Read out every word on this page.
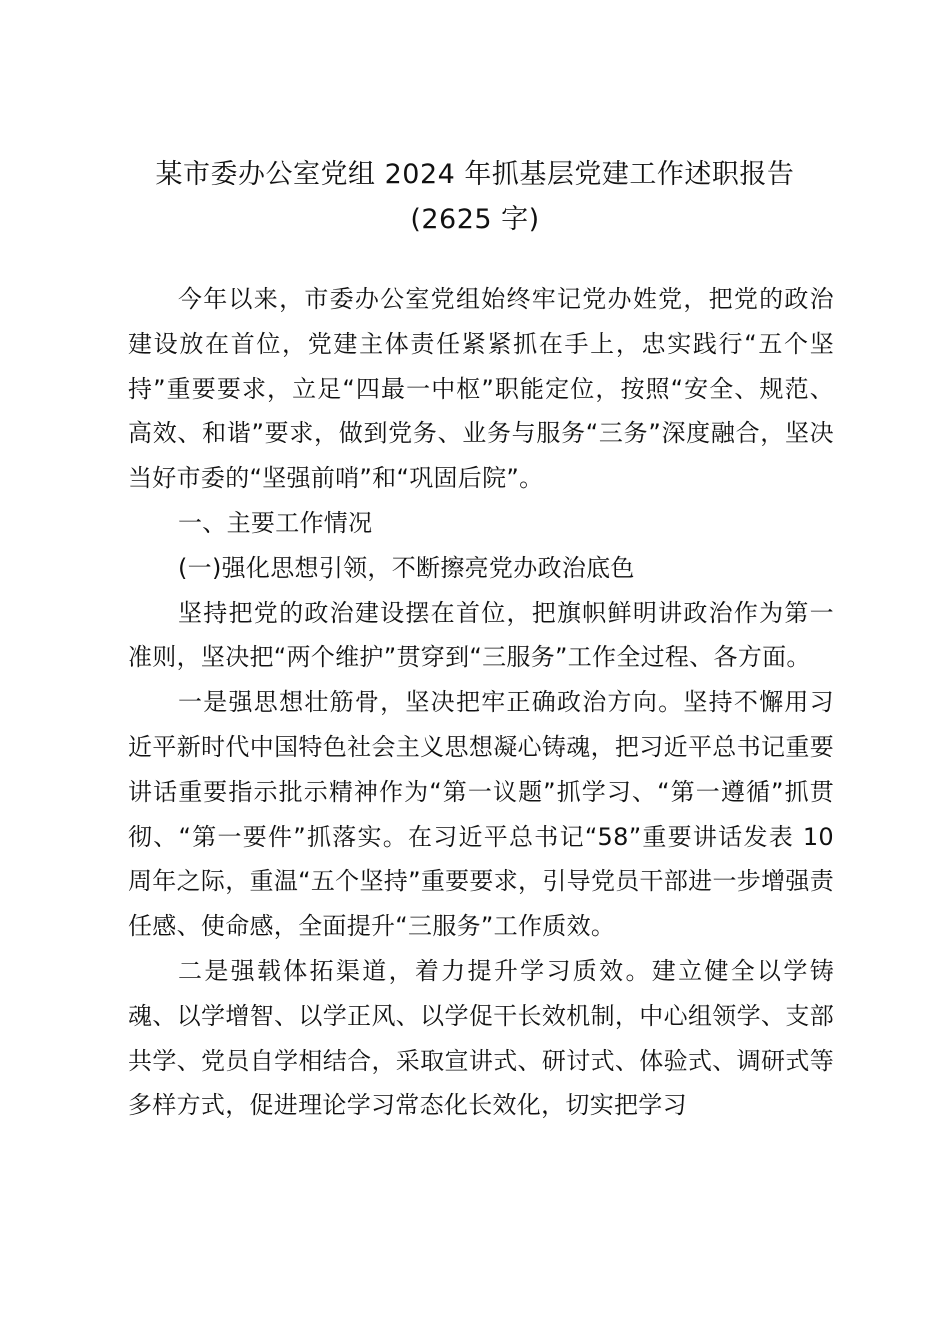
某市委办公室党组 2024 年抓基层党建工作述职报告
(2625 字)

今年以来，市委办公室党组始终牢记党办姓党，把党的政治建设放在首位，党建主体责任紧紧抓在手上，忠实践行“五个坚持”重要要求，立足“四最一中枢”职能定位，按照“安全、规范、高效、和谐”要求，做到党务、业务与服务“三务”深度融合，坚决当好市委的“坚强前哨”和“巩固后院”。

一、主要工作情况

(一)强化思想引领，不断擦亮党办政治底色

坚持把党的政治建设摆在首位，把旗帜鲜明讲政治作为第一准则，坚决把“两个维护”贯穿到“三服务”工作全过程、各方面。

一是强思想壮筋骨，坚决把牢正确政治方向。坚持不懈用习近平新时代中国特色社会主义思想凝心铸魂，把习近平总书记重要讲话重要指示批示精神作为“第一议题”抓学习、“第一遵循”抓贯彻、“第一要件”抓落实。在习近平总书记“58”重要讲话发表 10 周年之际，重温“五个坚持”重要要求，引导党员干部进一步增强责任感、使命感，全面提升“三服务”工作质效。

二是强载体拓渠道，着力提升学习质效。建立健全以学铸魂、以学增智、以学正风、以学促干长效机制，中心组领学、支部共学、党员自学相结合，采取宣讲式、研讨式、体验式、调研式等多样方式，促进理论学习常态化长效化，切实把学习
